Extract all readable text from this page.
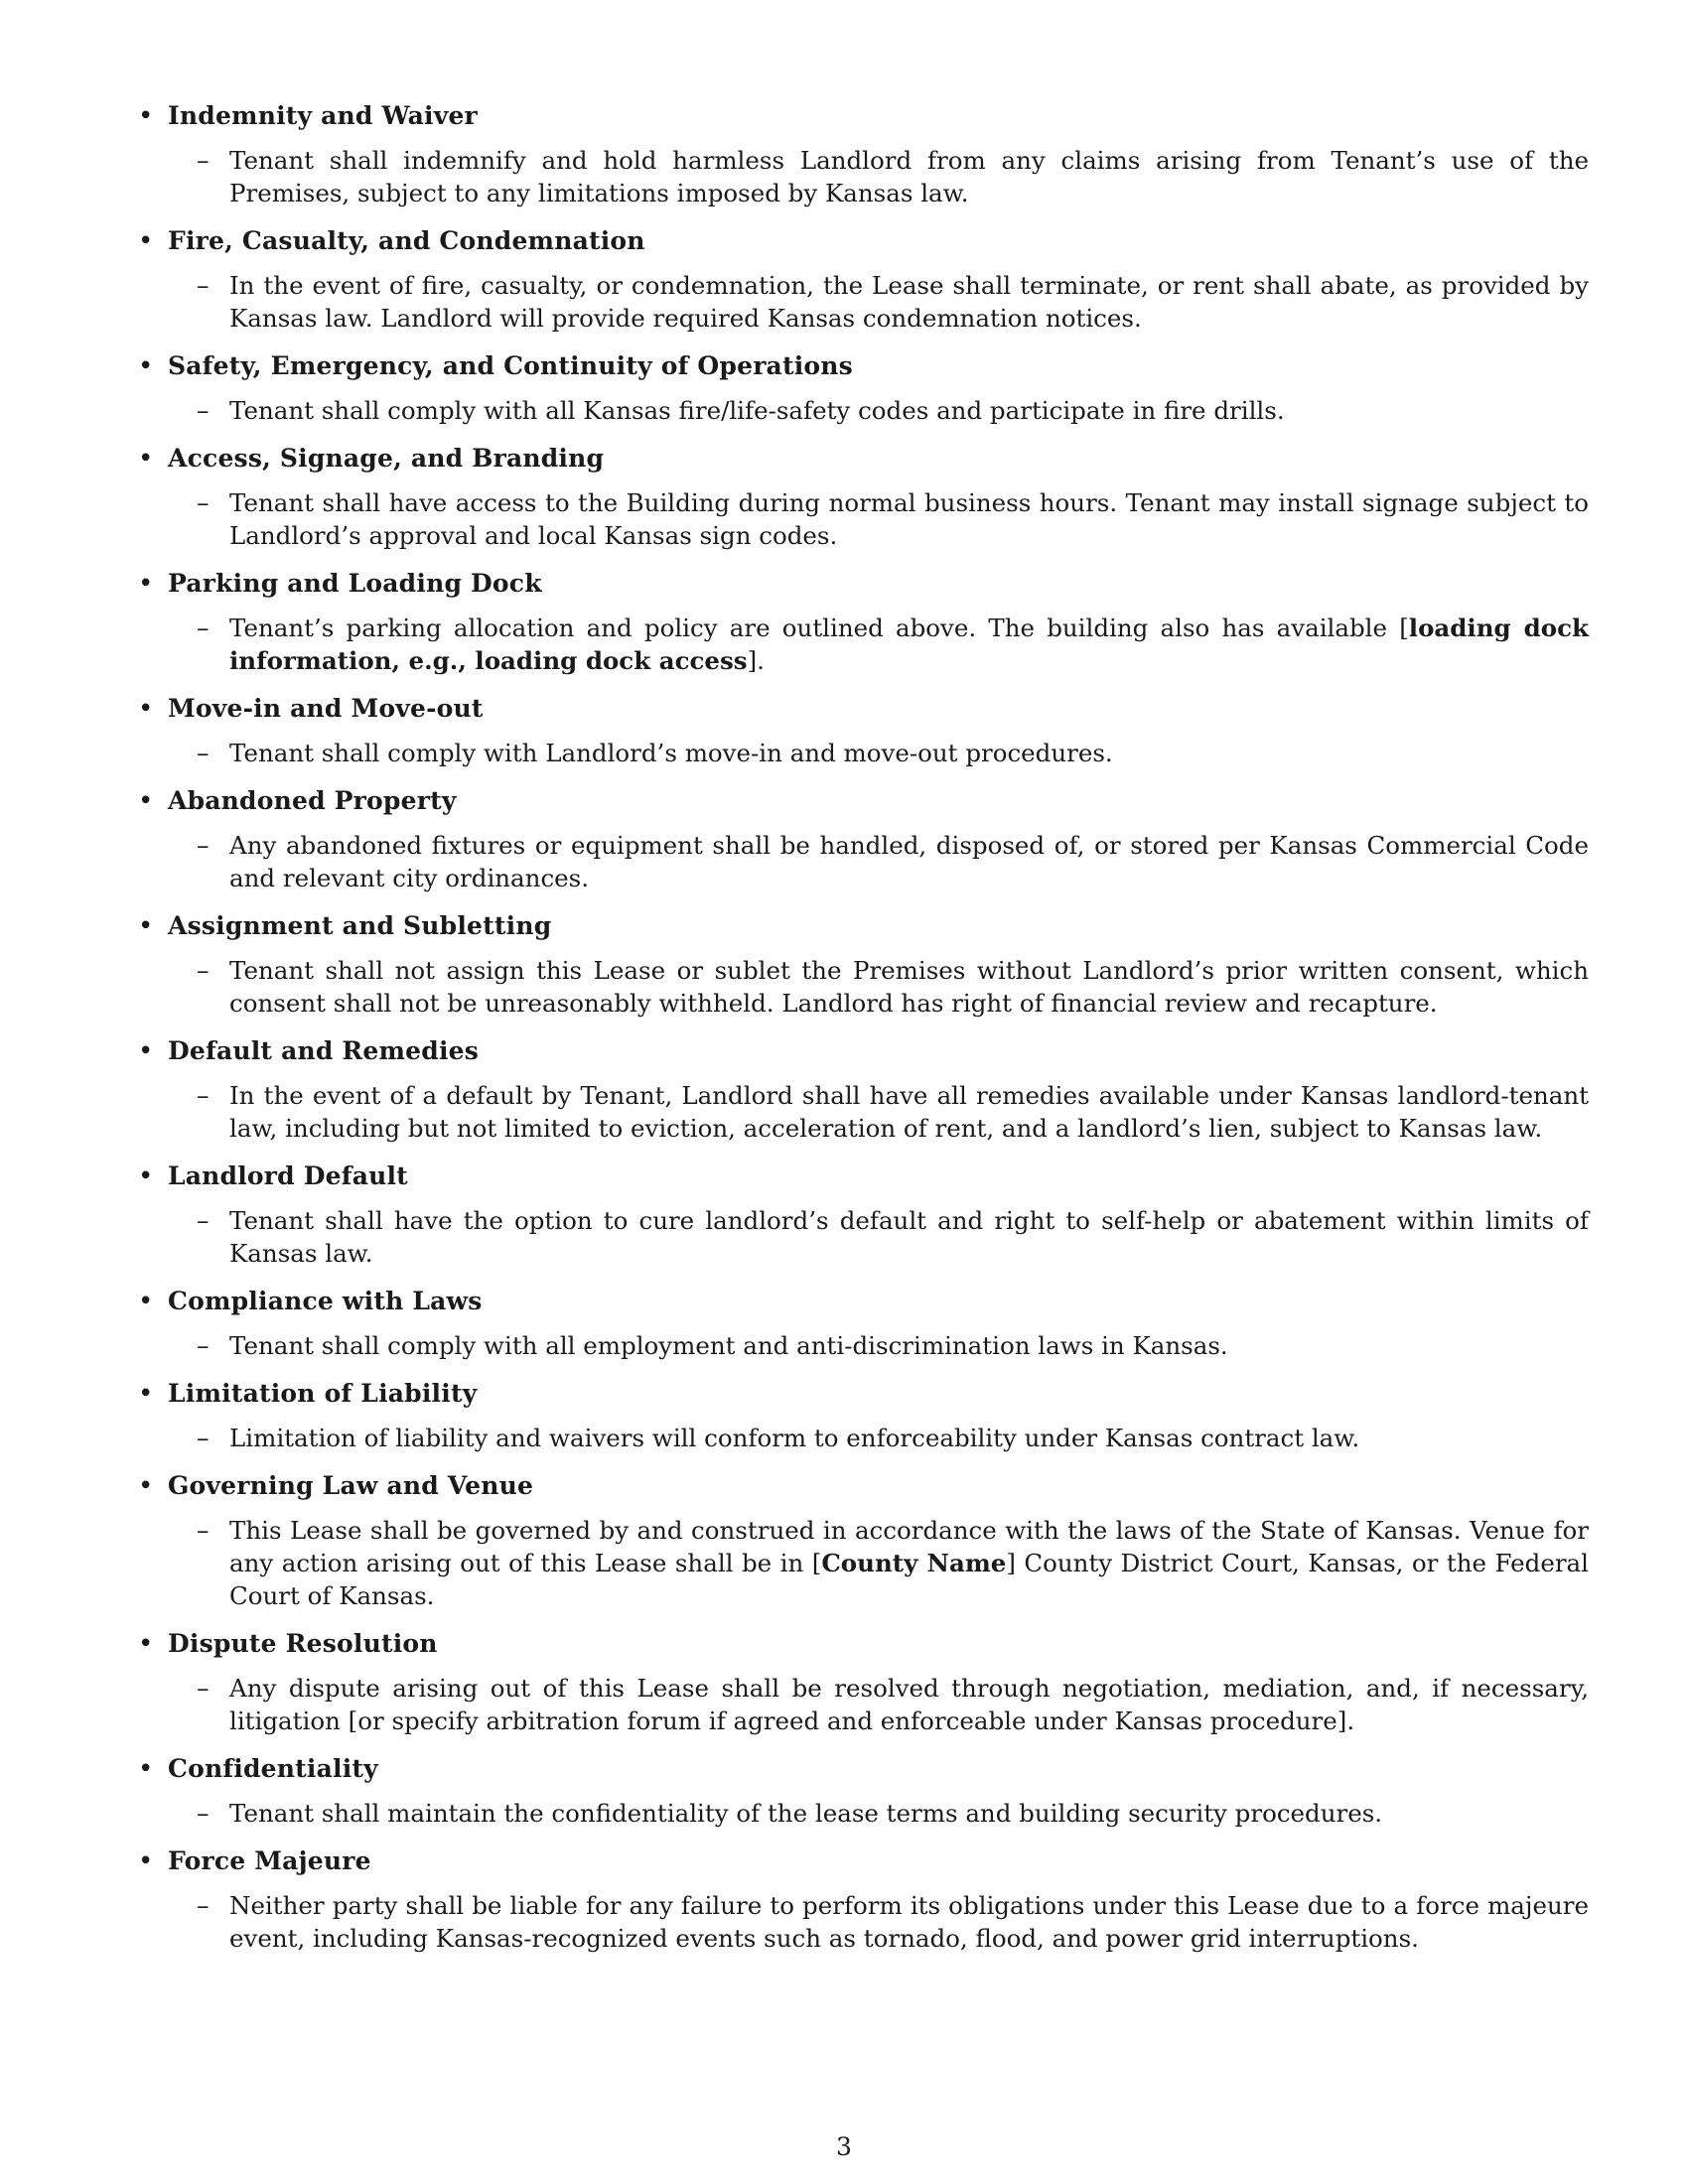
• Indemnity and Waiver
– Tenant shall indemnify and hold harmless Landlord from any claims arising from Tenant’s use of the Premises, subject to any limitations imposed by Kansas law.
• Fire, Casualty, and Condemnation
– In the event of fire, casualty, or condemnation, the Lease shall terminate, or rent shall abate, as provided by Kansas law. Landlord will provide required Kansas condemnation notices.
• Safety, Emergency, and Continuity of Operations
– Tenant shall comply with all Kansas fire/life-safety codes and participate in fire drills.
• Access, Signage, and Branding
– Tenant shall have access to the Building during normal business hours. Tenant may install signage subject to Landlord’s approval and local Kansas sign codes.
• Parking and Loading Dock
– Tenant’s parking allocation and policy are outlined above. The building also has available [loading dock information, e.g., loading dock access].
• Move-in and Move-out
– Tenant shall comply with Landlord’s move-in and move-out procedures.
• Abandoned Property
– Any abandoned fixtures or equipment shall be handled, disposed of, or stored per Kansas Commercial Code and relevant city ordinances.
• Assignment and Subletting
– Tenant shall not assign this Lease or sublet the Premises without Landlord’s prior written consent, which consent shall not be unreasonably withheld. Landlord has right of financial review and recapture.
• Default and Remedies
– In the event of a default by Tenant, Landlord shall have all remedies available under Kansas landlord-tenant law, including but not limited to eviction, acceleration of rent, and a landlord’s lien, subject to Kansas law.
• Landlord Default
– Tenant shall have the option to cure landlord’s default and right to self-help or abatement within limits of Kansas law.
• Compliance with Laws
– Tenant shall comply with all employment and anti-discrimination laws in Kansas.
• Limitation of Liability
– Limitation of liability and waivers will conform to enforceability under Kansas contract law.
• Governing Law and Venue
– This Lease shall be governed by and construed in accordance with the laws of the State of Kansas. Venue for any action arising out of this Lease shall be in [County Name] County District Court, Kansas, or the Federal Court of Kansas.
• Dispute Resolution
– Any dispute arising out of this Lease shall be resolved through negotiation, mediation, and, if necessary, litigation [or specify arbitration forum if agreed and enforceable under Kansas procedure].
• Confidentiality
– Tenant shall maintain the confidentiality of the lease terms and building security procedures.
• Force Majeure
– Neither party shall be liable for any failure to perform its obligations under this Lease due to a force majeure event, including Kansas-recognized events such as tornado, flood, and power grid interruptions.
3
